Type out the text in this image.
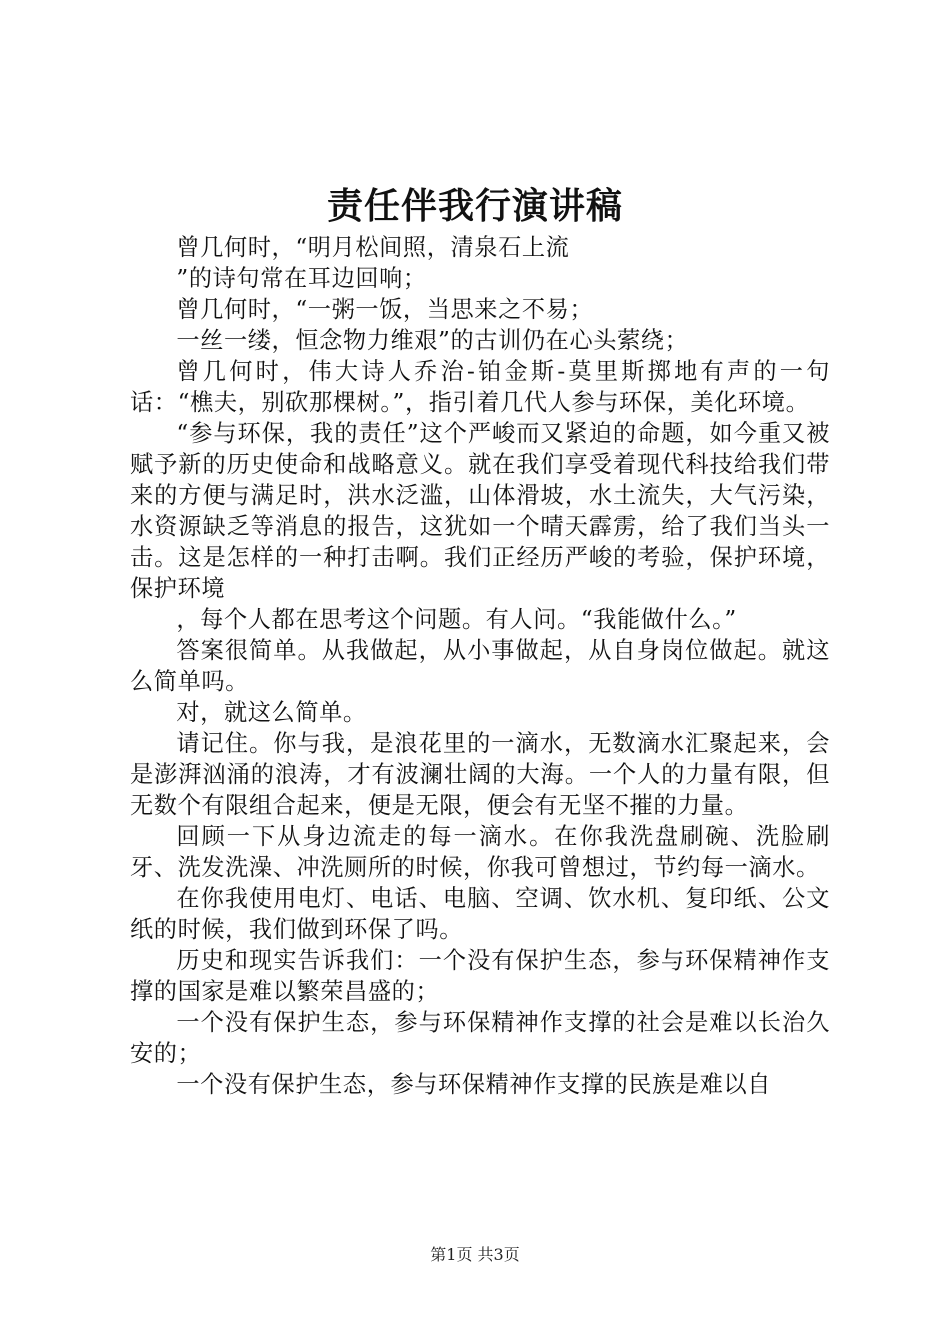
责任伴我行演讲稿

曾几何时，“明月松间照，清泉石上流

”的诗句常在耳边回响；

曾几何时，“一粥一饭，当思来之不易；

一丝一缕，恒念物力维艰”的古训仍在心头萦绕；

曾几何时，伟大诗人乔治-铂金斯-莫里斯掷地有声的一句话：“樵夫，别砍那棵树。”，指引着几代人参与环保，美化环境。

“参与环保，我的责任”这个严峻而又紧迫的命题，如今重又被赋予新的历史使命和战略意义。就在我们享受着现代科技给我们带来的方便与满足时，洪水泛滥，山体滑坡，水土流失，大气污染，水资源缺乏等消息的报告，这犹如一个晴天霹雳，给了我们当头一击。这是怎样的一种打击啊。我们正经历严峻的考验，保护环境，保护环境

，每个人都在思考这个问题。有人问。“我能做什么。”

答案很简单。从我做起，从小事做起，从自身岗位做起。就这么简单吗。

对，就这么简单。

请记住。你与我，是浪花里的一滴水，无数滴水汇聚起来，会是澎湃汹涌的浪涛，才有波澜壮阔的大海。一个人的力量有限，但无数个有限组合起来，便是无限，便会有无坚不摧的力量。

回顾一下从身边流走的每一滴水。在你我洗盘刷碗、洗脸刷牙、洗发洗澡、冲洗厕所的时候，你我可曾想过，节约每一滴水。

在你我使用电灯、电话、电脑、空调、饮水机、复印纸、公文纸的时候，我们做到环保了吗。

历史和现实告诉我们：一个没有保护生态，参与环保精神作支撑的国家是难以繁荣昌盛的；

一个没有保护生态，参与环保精神作支撑的社会是难以长治久安的；

一个没有保护生态，参与环保精神作支撑的民族是难以自

第1页 共3页
